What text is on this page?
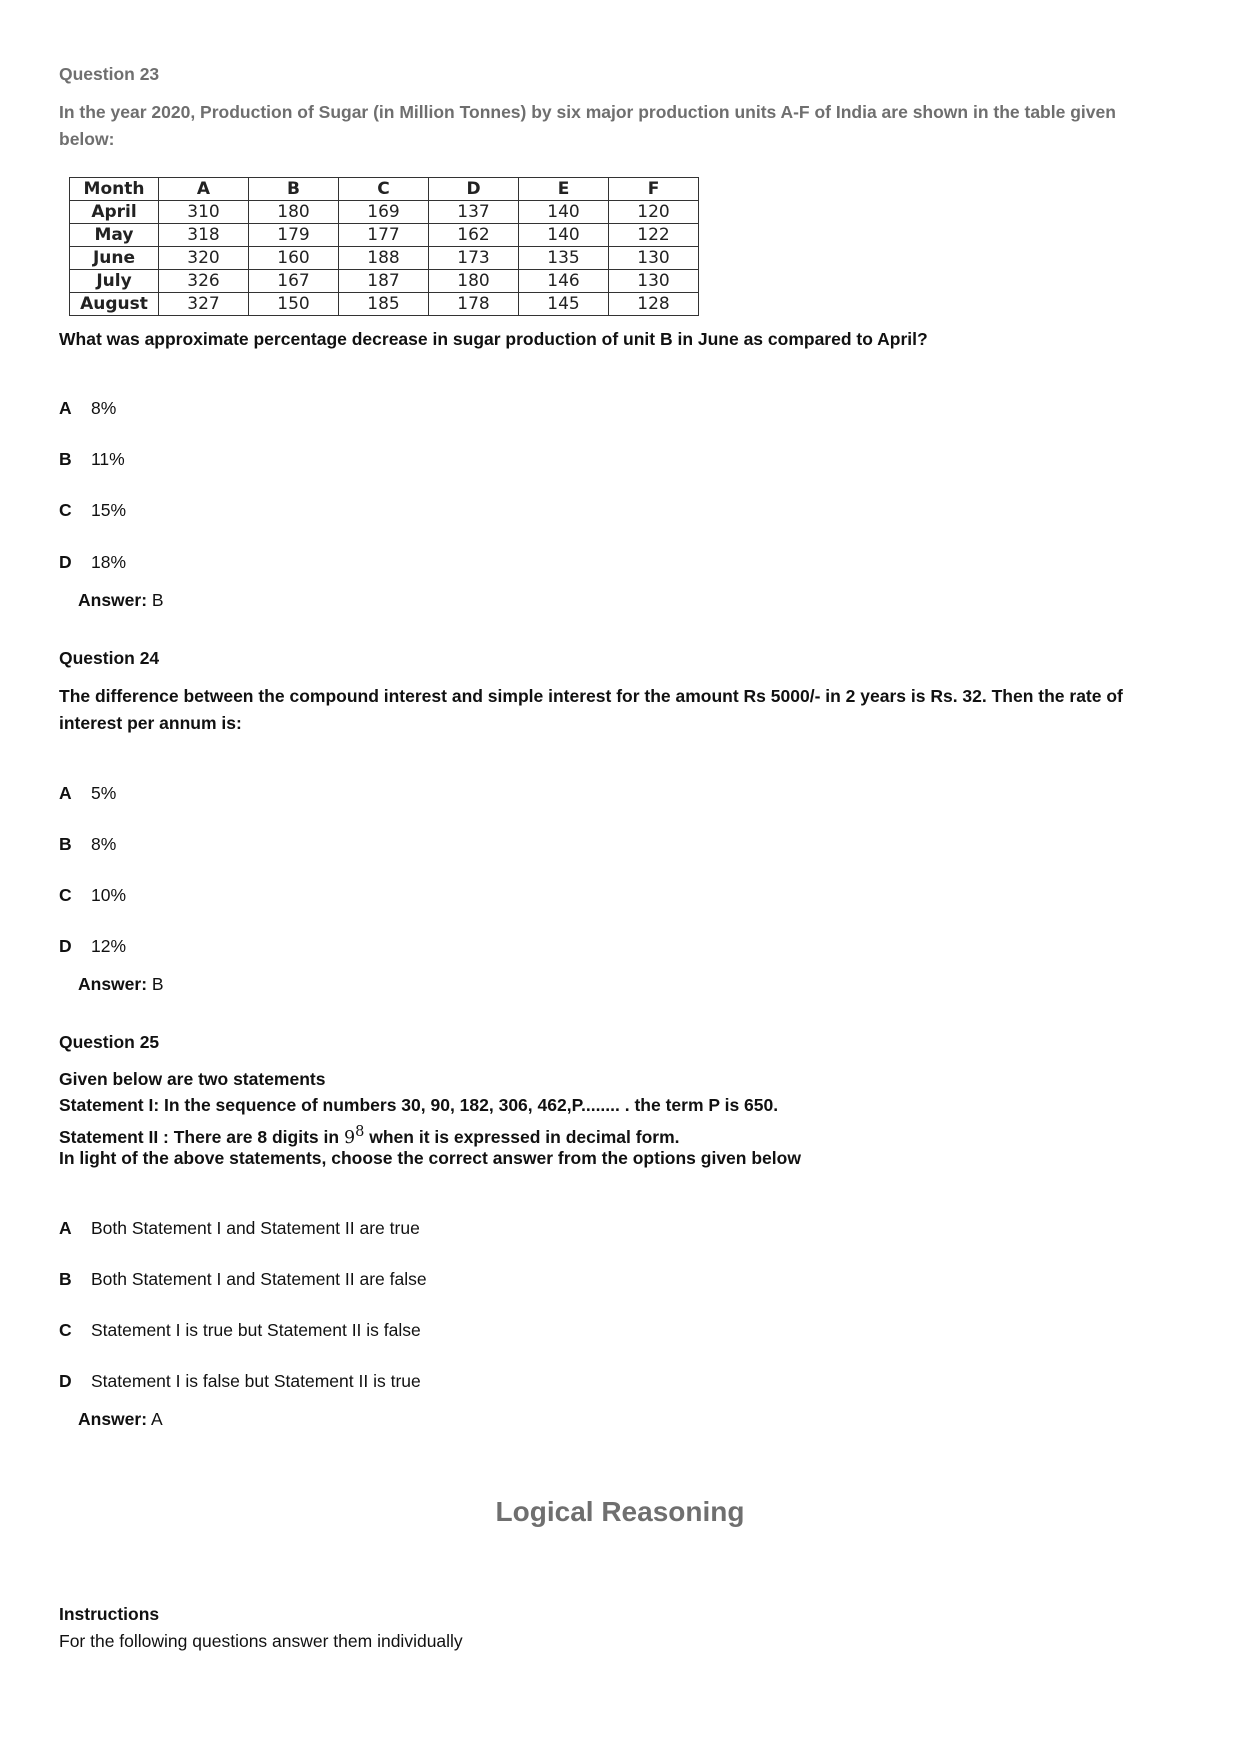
Question 23
In the year 2020, Production of Sugar (in Million Tonnes) by six major production units A-F of India are shown in the table given below:
Month	A	B	C	D	E	F
April	310	180	169	137	140	120
May	318	179	177	162	140	122
June	320	160	188	173	135	130
July	326	167	187	180	146	130
August	327	150	185	178	145	128
What was approximate percentage decrease in sugar production of unit B in June as compared to April?
A 8%
B 11%
C 15%
D 18%
Answer: B
Question 24
The difference between the compound interest and simple interest for the amount Rs 5000/- in 2 years is Rs. 32. Then the rate of interest per annum is:
A 5%
B 8%
C 10%
D 12%
Answer: B
Question 25
Given below are two statements
Statement I: In the sequence of numbers 30, 90, 182, 306, 462,P........ . the term P is 650.
Statement II : There are 8 digits in $9^8$ when it is expressed in decimal form.
In light of the above statements, choose the correct answer from the options given below
A Both Statement I and Statement II are true
B Both Statement I and Statement II are false
C Statement I is true but Statement II is false
D Statement I is false but Statement II is true
Answer: A
Logical Reasoning
Instructions
For the following questions answer them individually
